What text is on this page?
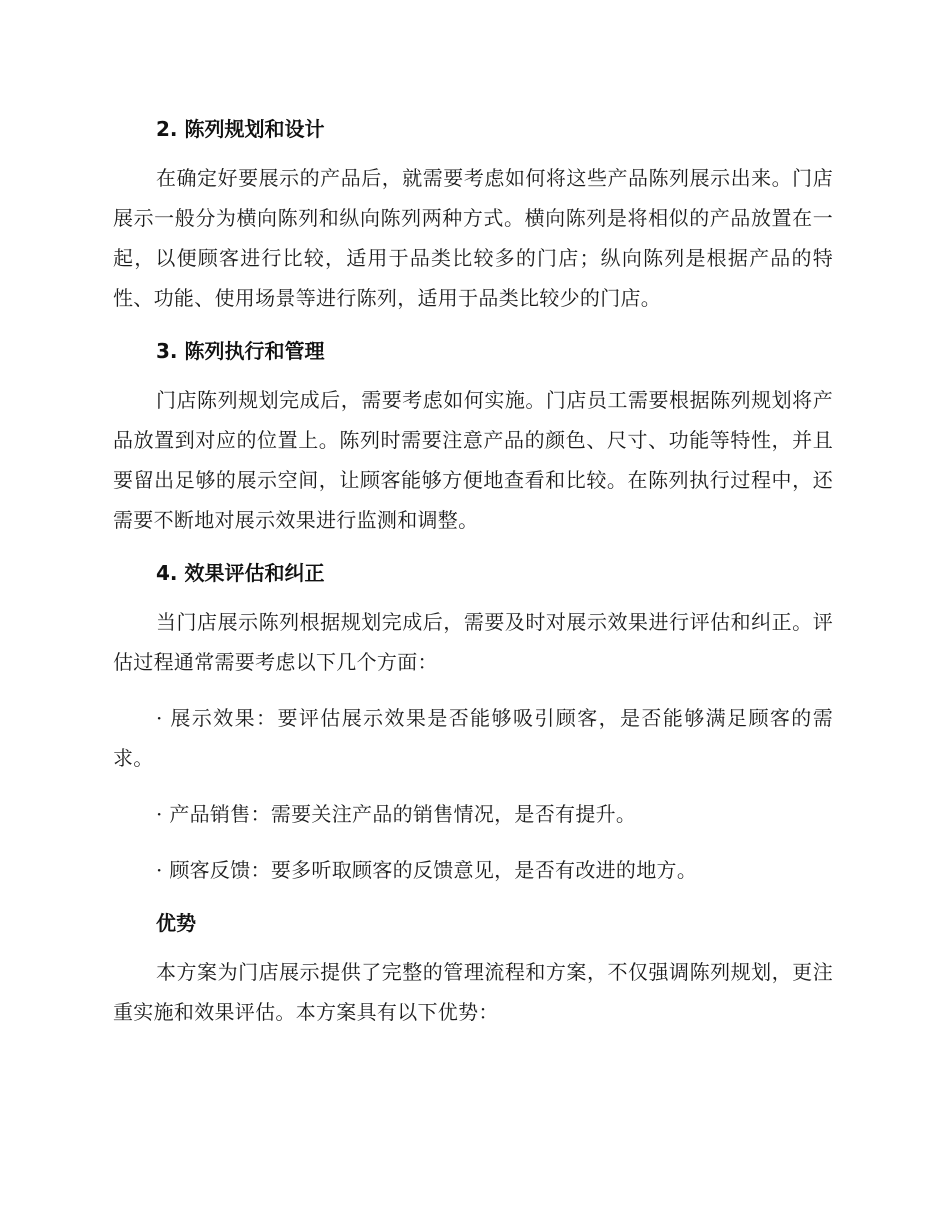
2. 陈列规划和设计

在确定好要展示的产品后，就需要考虑如何将这些产品陈列展示出来。门店展示一般分为横向陈列和纵向陈列两种方式。横向陈列是将相似的产品放置在一起，以便顾客进行比较，适用于品类比较多的门店；纵向陈列是根据产品的特性、功能、使用场景等进行陈列，适用于品类比较少的门店。

3. 陈列执行和管理

门店陈列规划完成后，需要考虑如何实施。门店员工需要根据陈列规划将产品放置到对应的位置上。陈列时需要注意产品的颜色、尺寸、功能等特性，并且要留出足够的展示空间，让顾客能够方便地查看和比较。在陈列执行过程中，还需要不断地对展示效果进行监测和调整。

4. 效果评估和纠正

当门店展示陈列根据规划完成后，需要及时对展示效果进行评估和纠正。评估过程通常需要考虑以下几个方面：

· 展示效果：要评估展示效果是否能够吸引顾客，是否能够满足顾客的需求。

· 产品销售：需要关注产品的销售情况，是否有提升。

· 顾客反馈：要多听取顾客的反馈意见，是否有改进的地方。

优势

本方案为门店展示提供了完整的管理流程和方案，不仅强调陈列规划，更注重实施和效果评估。本方案具有以下优势：
